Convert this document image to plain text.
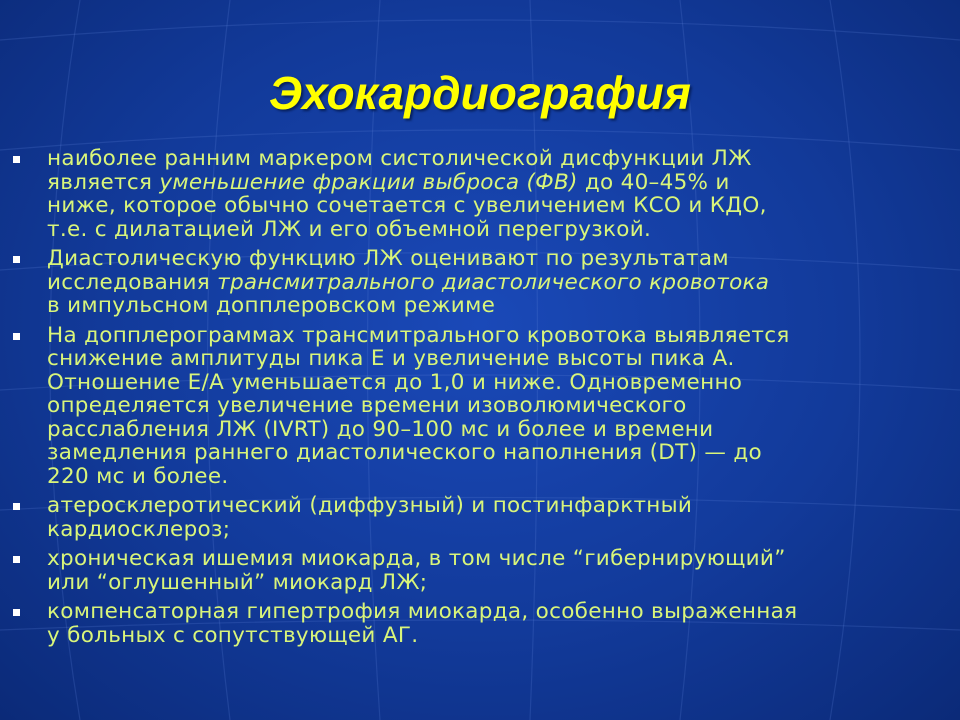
Эхокардиография
наиболее ранним маркером систолической дисфункции ЛЖ
является уменьшение фракции выброса (ФВ) до 40–45% и
ниже, которое обычно сочетается с увеличением КСО и КДО,
т.е. с дилатацией ЛЖ и его объемной перегрузкой.
Диастолическую функцию ЛЖ оценивают по результатам
исследования трансмитрального диастолического кровотока
в импульсном допплеровском режиме
На допплерограммах трансмитрального кровотока выявляется
снижение амплитуды пика Е и увеличение высоты пика А.
Отношение Е/А уменьшается до 1,0 и ниже. Одновременно
определяется увеличение времени изоволюмического
расслабления ЛЖ (IVRT) до 90–100 мс и более и времени
замедления раннего диастолического наполнения (DT) — до
220 мс и более.
атеросклеротический (диффузный) и постинфарктный
кардиосклероз;
хроническая ишемия миокарда, в том числе “гибернирующий”
или “оглушенный” миокард ЛЖ;
компенсаторная гипертрофия миокарда, особенно выраженная
у больных с сопутствующей АГ.
